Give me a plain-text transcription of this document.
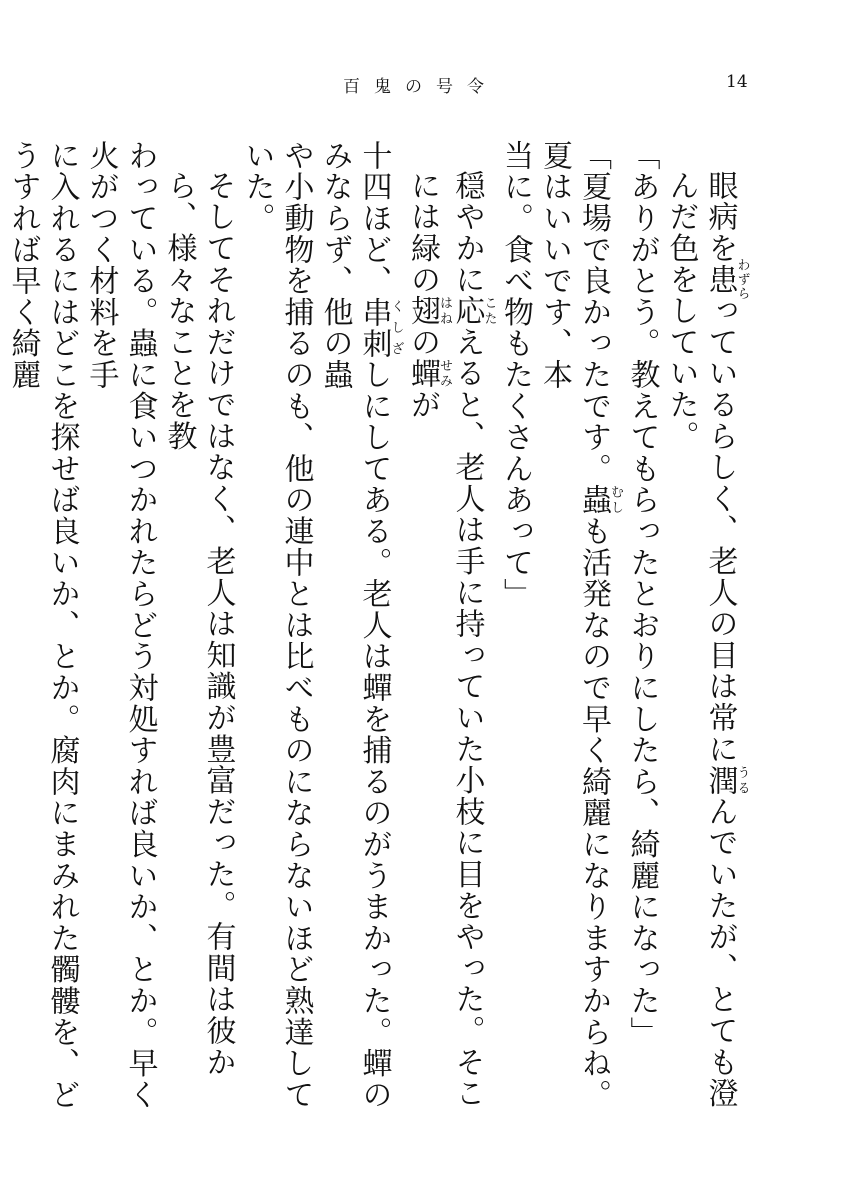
百鬼の号令	14
眼病を患わずらっているらしく、老人の目は常に潤うるんでいたが、とても澄んだ色をしていた。
「ありがとう。教えてもらったとおりにしたら、綺麗になった」
「夏場で良かったです。蟲むしも活発なので早く綺麗になりますからね。夏はいいです、本
当に。食べ物もたくさんあって」
穏やかに応こたえると、老人は手に持っていた小枝に目をやった。そこには緑の翅はねの蟬せみが
十四ほど、串刺くしざしにしてある。老人は蟬を捕るのがうまかった。蟬のみならず、他の蟲
や小動物を捕るのも、他の連中とは比べものにならないほど熟達していた。
そしてそれだけではなく、老人は知識が豊富だった。有間は彼から、様々なことを教
わっている。蟲に食いつかれたらどう対処すれば良いか、とか。早く火がつく材料を手
に入れるにはどこを探せば良いか、とか。腐肉にまみれた髑髏を、どうすれば早く綺麗
